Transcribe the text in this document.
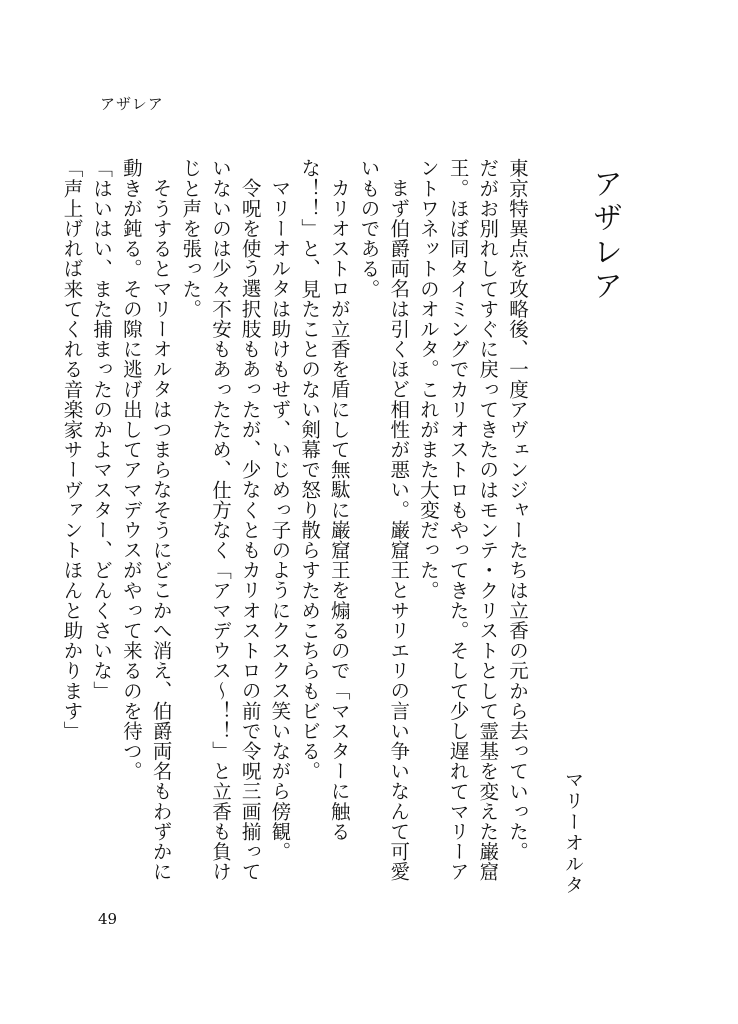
アザレア
アザレア
マリーオルタ

東京特異点を攻略後、一度アヴェンジャーたちは立香の元から去っていった。

だがお別れしてすぐに戻ってきたのはモンテ・クリストとして霊基を変えた巌窟王。ほぼ同タイミングでカリオストロもやってきた。そして少し遅れてマリーアントワネットのオルタ。これがまた大変だった。

まず伯爵両名は引くほど相性が悪い。巌窟王とサリエリの言い争いなんて可愛いものである。

カリオストロが立香を盾にして無駄に巌窟王を煽るので「マスターに触るな！！」と、見たことのない剣幕で怒り散らすためこちらもビビる。

マリーオルタは助けもせず、いじめっ子のようにクスクス笑いながら傍観。

令呪を使う選択肢もあったが、少なくともカリオストロの前で令呪三画揃っていないのは少々不安もあったため、仕方なく「アマデウス〜！！」と立香も負けじと声を張った。

そうするとマリーオルタはつまらなそうにどこかへ消え、伯爵両名もわずかに動きが鈍る。その隙に逃げ出してアマデウスがやって来るのを待つ。

「はいはい、また捕まったのかよマスター、どんくさいな」

「声上げれば来てくれる音楽家サーヴァントほんと助かります」

49
